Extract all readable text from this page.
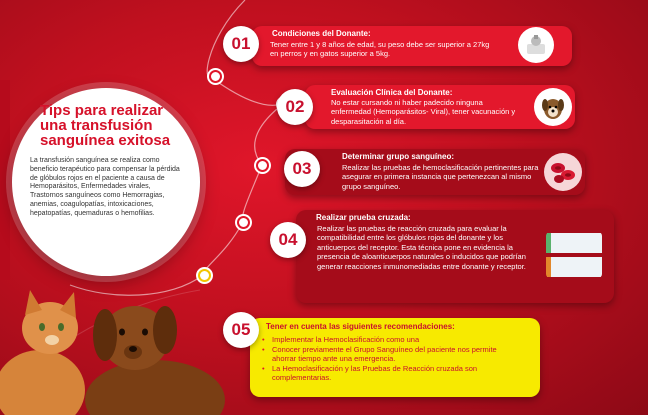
Tips para realizar una transfusión sanguínea exitosa
La transfusión sanguínea se realiza como beneficio terapéutico para compensar la pérdida de glóbulos rojos en el paciente a causa de Hemoparásitos, Enfermedades virales, Trastornos sanguíneos como Hemorragias, anemias, coagulopatías, intoxicaciones, hepatopatías, quemaduras o hemofilias.
Condiciones del Donante:
Tener entre 1 y 8 años de edad, su peso debe ser superior a 27kg en perros y en gatos superior a 5kg.
01
Evaluación Clínica del Donante:
No estar cursando ni haber padecido ninguna enfermedad (Hemoparásitos- Viral), tener vacunación y desparasitación al día.
02
Determinar grupo sanguíneo:
Realizar las pruebas de hemoclasificación pertinentes para asegurar en primera instancia que pertenezcan al mismo grupo sanguíneo.
03
Realizar prueba cruzada:
Realizar las pruebas de reacción cruzada para evaluar la compatibilidad entre los glóbulos rojos del donante y los anticuerpos del receptor. Esta técnica pone en evidencia la presencia de aloanticuerpos naturales o inducidos que podrían generar reacciones inmunomediadas entre donante y receptor.
04
Tener en cuenta las siguientes recomendaciones:
• Implementar la Hemoclasificación como una
• Conocer previamente el Grupo Sanguíneo del paciente nos permite ahorrar tiempo ante una emergencia.
• La Hemoclasificación y las Pruebas de Reacción cruzada son complementarias.
05
